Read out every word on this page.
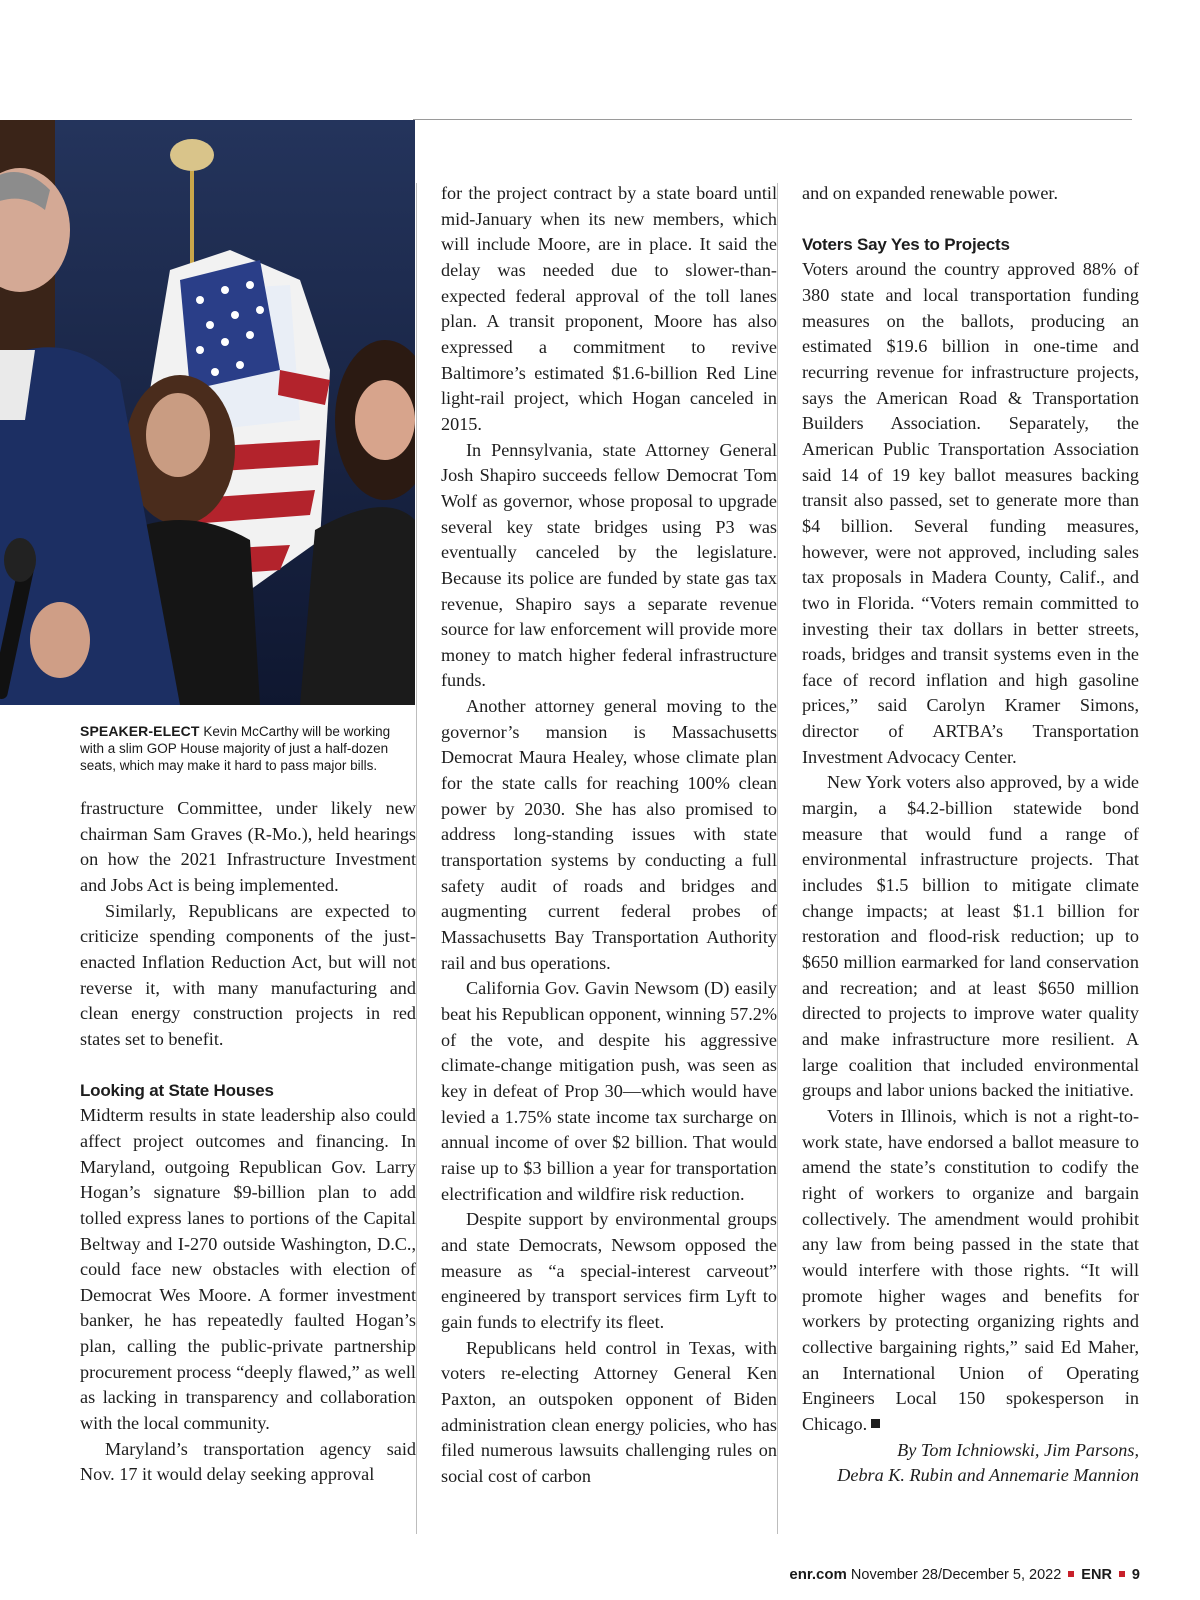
SPEAKER-ELECT Kevin McCarthy will be working with a slim GOP House majority of just a half-dozen seats, which may make it hard to pass major bills.

frastructure Committee, under likely new chairman Sam Graves (R-Mo.), held hearings on how the 2021 Infrastructure Investment and Jobs Act is being implemented.

Similarly, Republicans are expected to criticize spending components of the just-enacted Inflation Reduction Act, but will not reverse it, with many manufacturing and clean energy construction projects in red states set to benefit.

Looking at State Houses

Midterm results in state leadership also could affect project outcomes and financing. In Maryland, outgoing Republican Gov. Larry Hogan’s signature $9-billion plan to add tolled express lanes to portions of the Capital Beltway and I-270 outside Washington, D.C., could face new obstacles with election of Democrat Wes Moore. A former investment banker, he has repeatedly faulted Hogan’s plan, calling the public-private partnership procurement process “deeply flawed,” as well as lacking in transparency and collaboration with the local community.

Maryland’s transportation agency said Nov. 17 it would delay seeking approval

for the project contract by a state board until mid-January when its new members, which will include Moore, are in place. It said the delay was needed due to slower-than-expected federal approval of the toll lanes plan. A transit proponent, Moore has also expressed a commitment to revive Baltimore’s estimated $1.6-billion Red Line light-rail project, which Hogan canceled in 2015.

In Pennsylvania, state Attorney General Josh Shapiro succeeds fellow Democrat Tom Wolf as governor, whose proposal to upgrade several key state bridges using P3 was eventually canceled by the legislature. Because its police are funded by state gas tax revenue, Shapiro says a separate revenue source for law enforcement will provide more money to match higher federal infrastructure funds.

Another attorney general moving to the governor’s mansion is Massachusetts Democrat Maura Healey, whose climate plan for the state calls for reaching 100% clean power by 2030. She has also promised to address long-standing issues with state transportation systems by conducting a full safety audit of roads and bridges and augmenting current federal probes of Massachusetts Bay Transportation Authority rail and bus operations.

California Gov. Gavin Newsom (D) easily beat his Republican opponent, winning 57.2% of the vote, and despite his aggressive climate-change mitigation push, was seen as key in defeat of Prop 30—which would have levied a 1.75% state income tax surcharge on annual income of over $2 billion. That would raise up to $3 billion a year for transportation electrification and wildfire risk reduction.

Despite support by environmental groups and state Democrats, Newsom opposed the measure as “a special-interest carveout” engineered by transport services firm Lyft to gain funds to electrify its fleet.

Republicans held control in Texas, with voters re-electing Attorney General Ken Paxton, an outspoken opponent of Biden administration clean energy policies, who has filed numerous lawsuits challenging rules on social cost of carbon

and on expanded renewable power.

Voters Say Yes to Projects

Voters around the country approved 88% of 380 state and local transportation funding measures on the ballots, producing an estimated $19.6 billion in one-time and recurring revenue for infrastructure projects, says the American Road & Transportation Builders Association. Separately, the American Public Transportation Association said 14 of 19 key ballot measures backing transit also passed, set to generate more than $4 billion. Several funding measures, however, were not approved, including sales tax proposals in Madera County, Calif., and two in Florida. “Voters remain committed to investing their tax dollars in better streets, roads, bridges and transit systems even in the face of record inflation and high gasoline prices,” said Carolyn Kramer Simons, director of ARTBA’s Transportation Investment Advocacy Center.

New York voters also approved, by a wide margin, a $4.2-billion statewide bond measure that would fund a range of environmental infrastructure projects. That includes $1.5 billion to mitigate climate change impacts; at least $1.1 billion for restoration and flood-risk reduction; up to $650 million earmarked for land conservation and recreation; and at least $650 million directed to projects to improve water quality and make infrastructure more resilient. A large coalition that included environmental groups and labor unions backed the initiative.

Voters in Illinois, which is not a right-to-work state, have endorsed a ballot measure to amend the state’s constitution to codify the right of workers to organize and bargain collectively. The amendment would prohibit any law from being passed in the state that would interfere with those rights. “It will promote higher wages and benefits for workers by protecting organizing rights and collective bargaining rights,” said Ed Maher, an International Union of Operating Engineers Local 150 spokesperson in Chicago.

By Tom Ichniowski, Jim Parsons,
Debra K. Rubin and Annemarie Mannion

enr.com November 28/December 5, 2022 ENR 9
